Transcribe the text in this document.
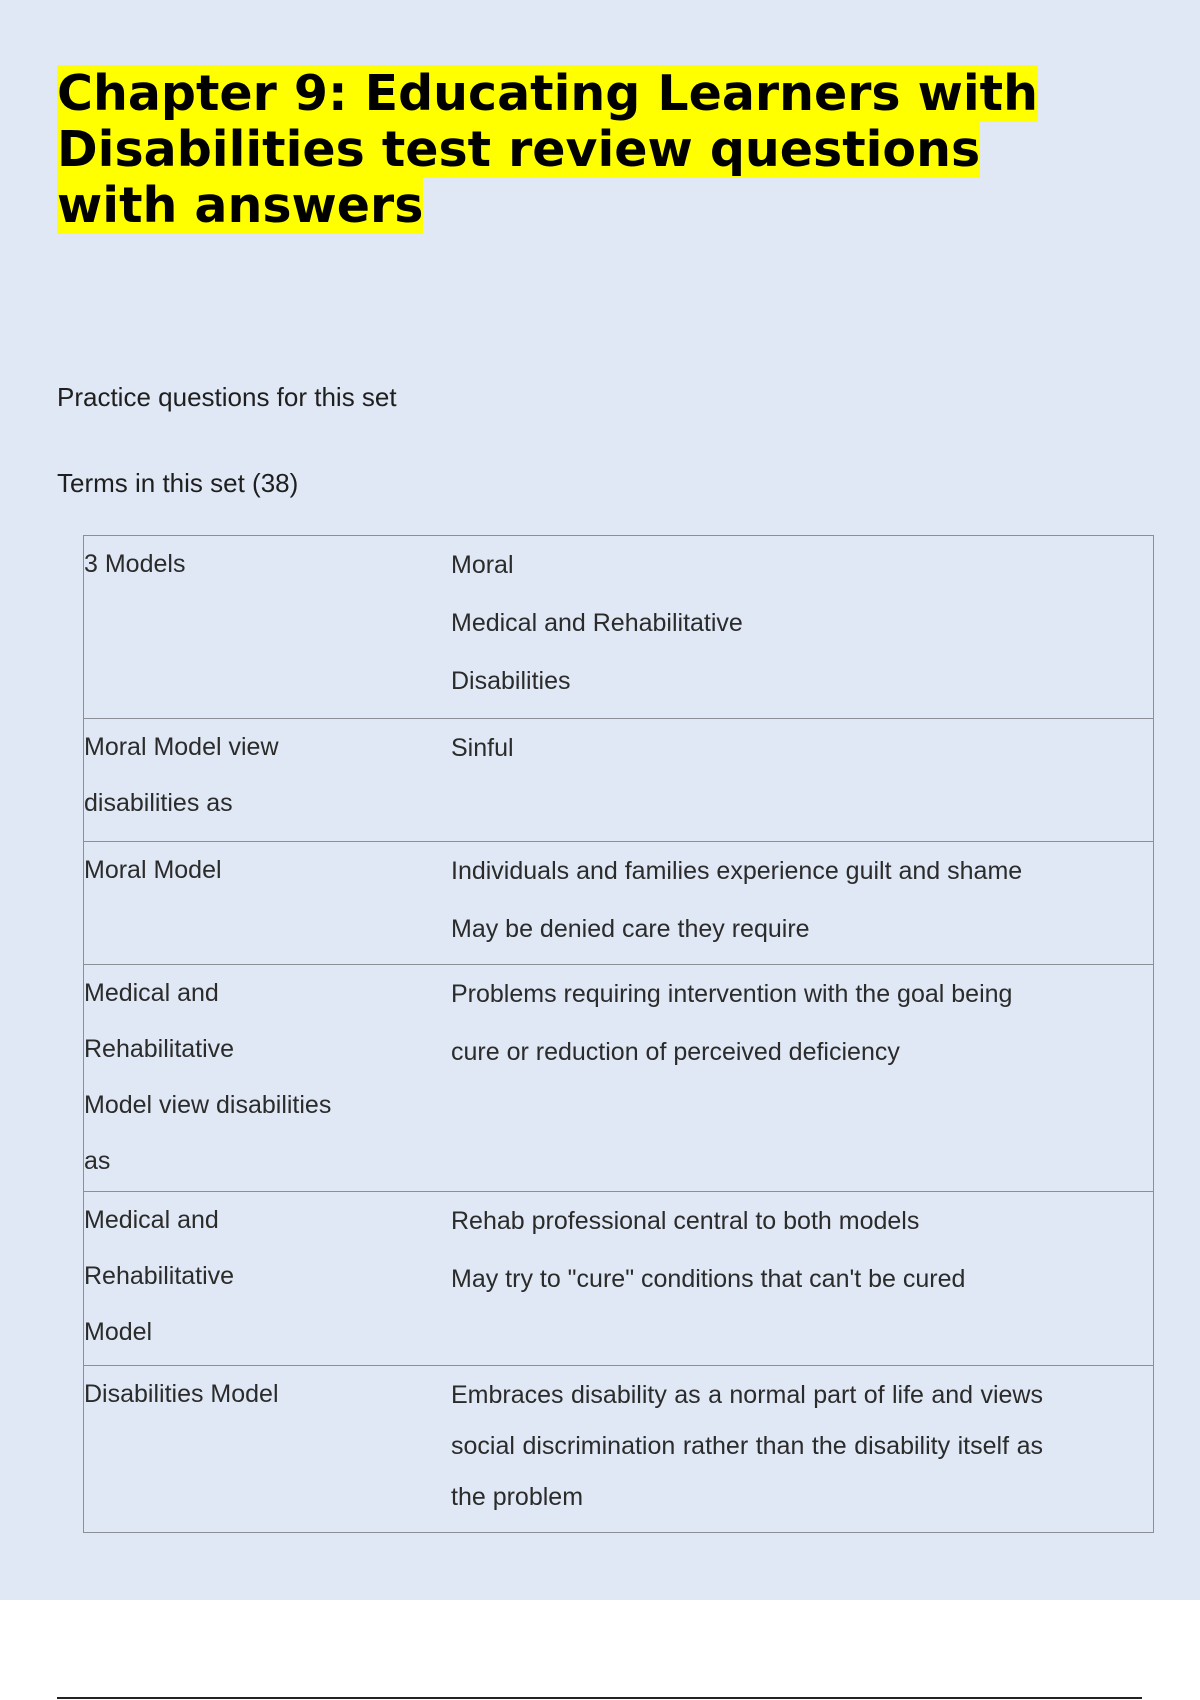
Chapter 9: Educating Learners with Disabilities test review questions with answers

Practice questions for this set

Terms in this set (38)

3 Models	Moral
Medical and Rehabilitative
Disabilities

Moral Model view
disabilities as	Sinful

Moral Model	Individuals and families experience guilt and shame
May be denied care they require

Medical and
Rehabilitative
Model view disabilities
as	Problems requiring intervention with the goal being
cure or reduction of perceived deficiency

Medical and
Rehabilitative
Model	Rehab professional central to both models
May try to "cure" conditions that can't be cured

Disabilities Model	Embraces disability as a normal part of life and views social discrimination rather than the disability itself as the problem
